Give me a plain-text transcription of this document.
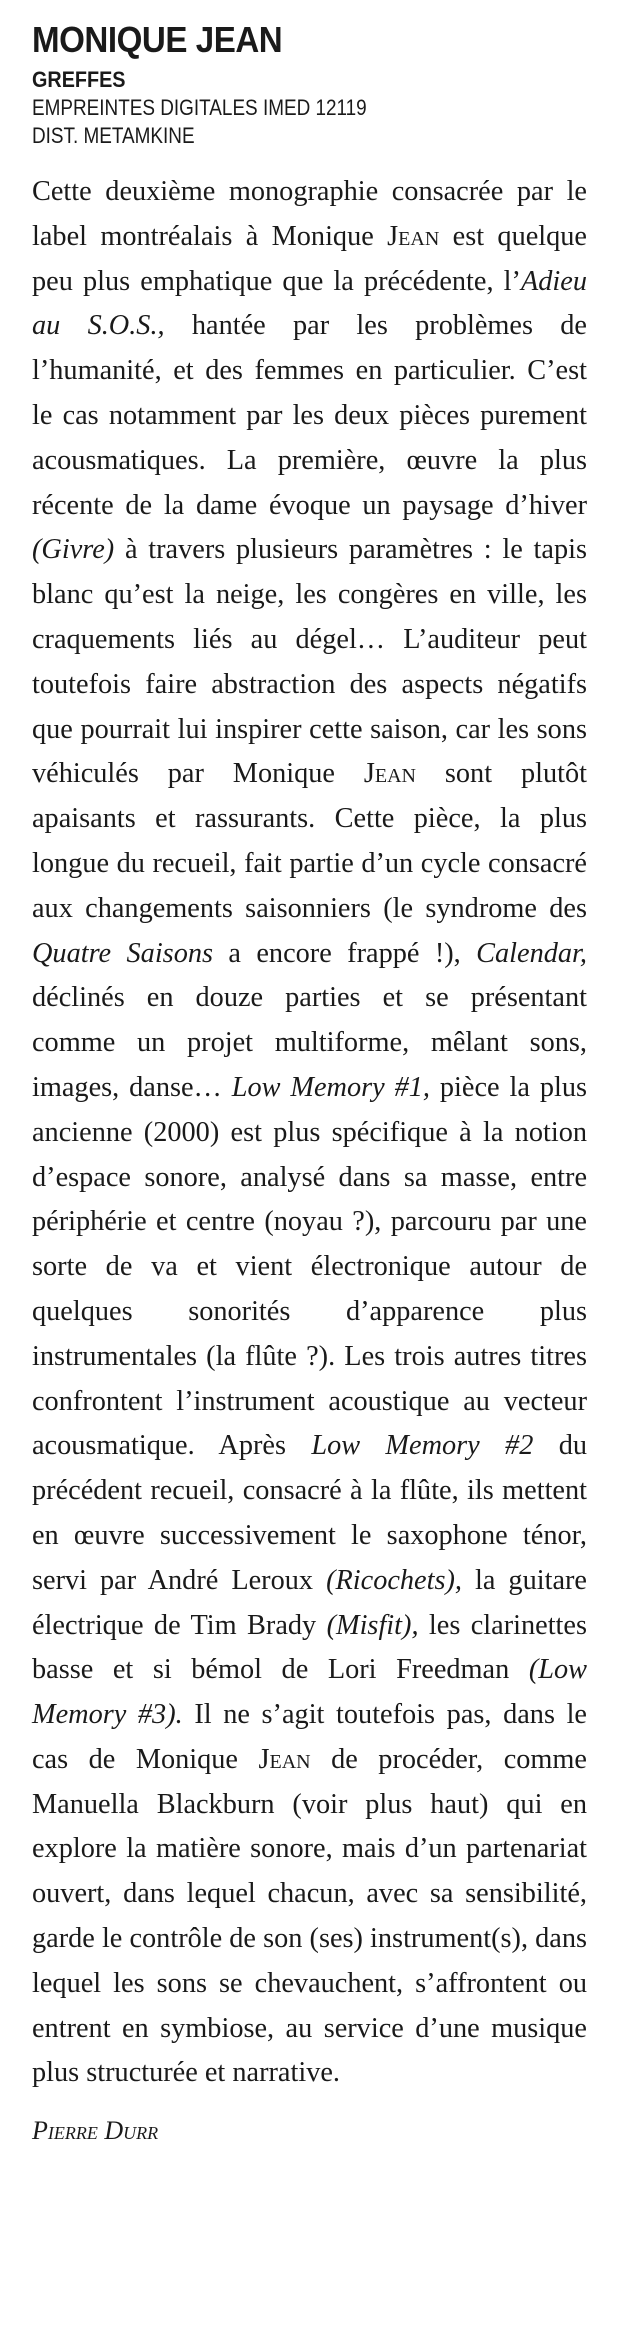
MONIQUE JEAN
GREFFES
EMPREINTES DIGITALES IMED 12119
DIST. METAMKINE

Cette deuxième monographie consacrée par le label montréalais à Monique Jean est quelque peu plus emphatique que la précédente, l’Adieu au S.O.S., hantée par les problèmes de l’humanité, et des femmes en particulier. C’est le cas notamment par les deux pièces purement acousmatiques. La première, œuvre la plus récente de la dame évoque un paysage d’hiver (Givre) à travers plusieurs paramètres : le tapis blanc qu’est la neige, les congères en ville, les craquements liés au dégel… L’auditeur peut toutefois faire abstraction des aspects négatifs que pourrait lui inspirer cette saison, car les sons véhiculés par Monique Jean sont plutôt apaisants et rassurants. Cette pièce, la plus longue du recueil, fait partie d’un cycle consacré aux changements saisonniers (le syndrome des Quatre Saisons a encore frappé !), Calendar, déclinés en douze parties et se présentant comme un projet multiforme, mêlant sons, images, danse… Low Memory #1, pièce la plus ancienne (2000) est plus spécifique à la notion d’espace sonore, analysé dans sa masse, entre périphérie et centre (noyau ?), parcouru par une sorte de va et vient électronique autour de quelques sonorités d’apparence plus instrumentales (la flûte ?). Les trois autres titres confrontent l’instrument acoustique au vecteur acousmatique. Après Low Memory #2 du précédent recueil, consacré à la flûte, ils mettent en œuvre successivement le saxophone ténor, servi par André Leroux (Ricochets), la guitare électrique de Tim Brady (Misfit), les clarinettes basse et si bémol de Lori Freedman (Low Memory #3). Il ne s’agit toutefois pas, dans le cas de Monique Jean de procéder, comme Manuella Blackburn (voir plus haut) qui en explore la matière sonore, mais d’un partenariat ouvert, dans lequel chacun, avec sa sensibilité, garde le contrôle de son (ses) instrument(s), dans lequel les sons se chevauchent, s’affrontent ou entrent en symbiose, au service d’une musique plus structurée et narrative.

Pierre Durr
